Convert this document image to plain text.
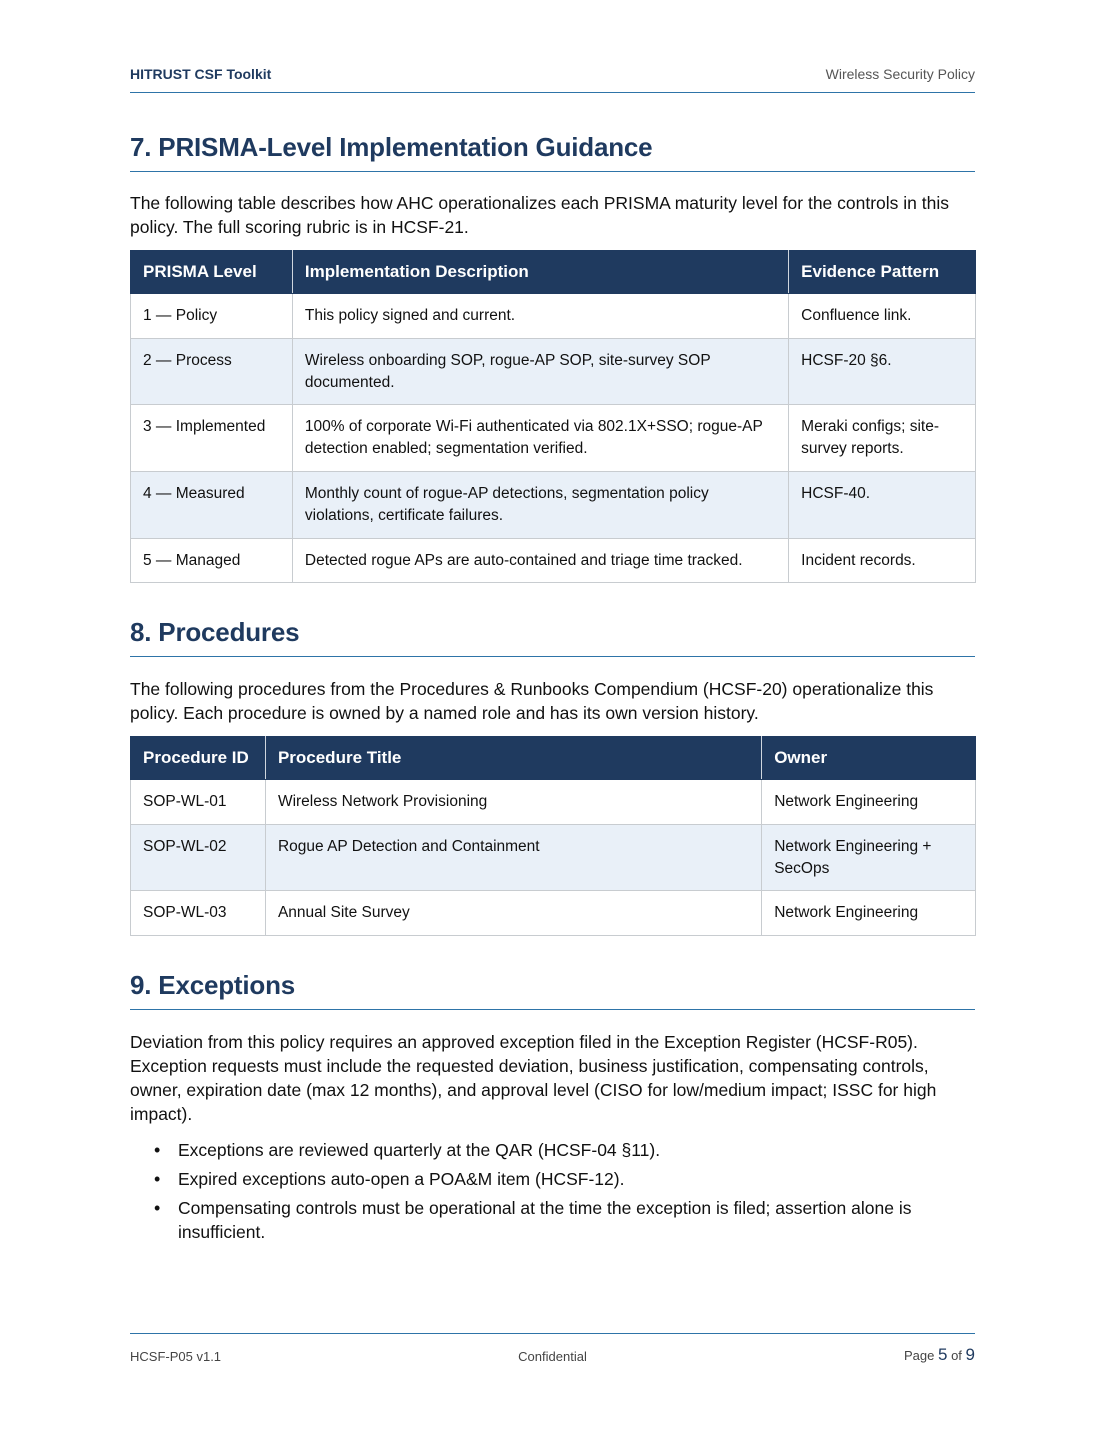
HITRUST CSF Toolkit	Wireless Security Policy
7. PRISMA-Level Implementation Guidance

The following table describes how AHC operationalizes each PRISMA maturity level for the controls in this policy. The full scoring rubric is in HCSF-21.

PRISMA Level	Implementation Description	Evidence Pattern
1 — Policy	This policy signed and current.	Confluence link.
2 — Process	Wireless onboarding SOP, rogue-AP SOP, site-survey SOP documented.	HCSF-20 §6.
3 — Implemented	100% of corporate Wi-Fi authenticated via 802.1X+SSO; rogue-AP detection enabled; segmentation verified.	Meraki configs; site-survey reports.
4 — Measured	Monthly count of rogue-AP detections, segmentation policy violations, certificate failures.	HCSF-40.
5 — Managed	Detected rogue APs are auto-contained and triage time tracked.	Incident records.
8. Procedures

The following procedures from the Procedures & Runbooks Compendium (HCSF-20) operationalize this policy. Each procedure is owned by a named role and has its own version history.

Procedure ID	Procedure Title	Owner
SOP-WL-01	Wireless Network Provisioning	Network Engineering
SOP-WL-02	Rogue AP Detection and Containment	Network Engineering + SecOps
SOP-WL-03	Annual Site Survey	Network Engineering
9. Exceptions

Deviation from this policy requires an approved exception filed in the Exception Register (HCSF-R05). Exception requests must include the requested deviation, business justification, compensating controls, owner, expiration date (max 12 months), and approval level (CISO for low/medium impact; ISSC for high impact).

• Exceptions are reviewed quarterly at the QAR (HCSF-04 §11).
• Expired exceptions auto-open a POA&M item (HCSF-12).
• Compensating controls must be operational at the time the exception is filed; assertion alone is insufficient.
HCSF-P05 v1.1	Confidential	Page 5 of 9
